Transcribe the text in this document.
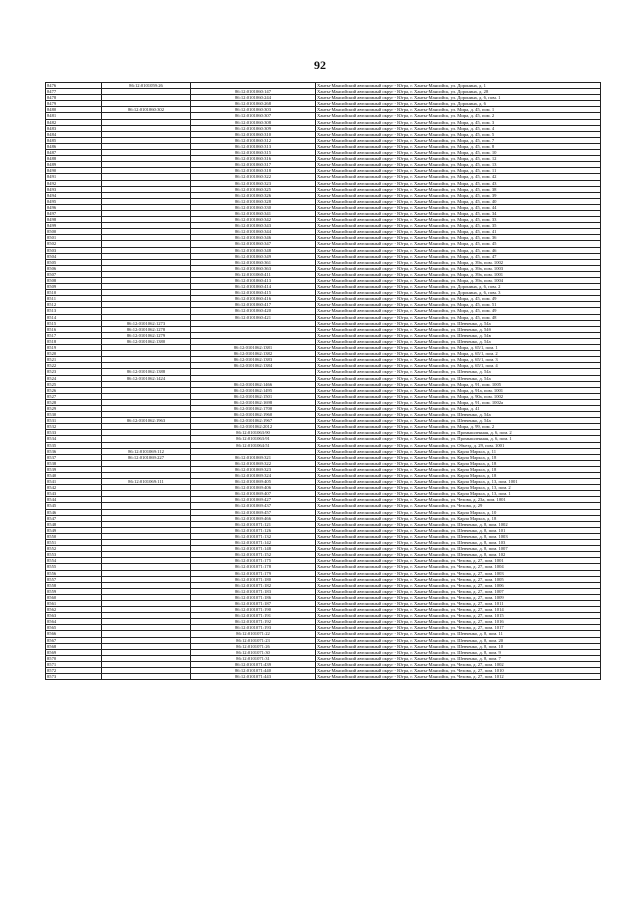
92
8476	86:12:0101059:26		Ханты-Мансийский автономный округ - Югра, г. Ханты-Мансийск, ул. Доронина, д. 1
8477		86:12:0101060:147	Ханты-Мансийский автономный округ - Югра, г. Ханты-Мансийск, ул. Доронина, д. 28
8478		86:12:0101060:244	Ханты-Мансийский автономный округ - Югра, г. Ханты-Мансийск, ул. Доронина, д. 6, пом. 1
8479		86:12:0101060:268	Ханты-Мансийский автономный округ - Югра, г. Ханты-Мансийск, ул. Доронина, д. 6
8480	86:12:0101060:302	86:12:0101060:303	Ханты-Мансийский автономный округ - Югра, г. Ханты-Мансийск, ул. Мира, д. 45, пом. 1
8481		86:12:0101060:307	Ханты-Мансийский автономный округ - Югра, г. Ханты-Мансийск, ул. Мира, д. 45, пом. 2
8482		86:12:0101060:308	Ханты-Мансийский автономный округ - Югра, г. Ханты-Мансийск, ул. Мира, д. 45, пом. 3
8483		86:12:0101060:309	Ханты-Мансийский автономный округ - Югра, г. Ханты-Мансийск, ул. Мира, д. 45, пом. 4
8484		86:12:0101060:310	Ханты-Мансийский автономный округ - Югра, г. Ханты-Мансийск, ул. Мира, д. 45, пом. 5
8485		86:12:0101060:312	Ханты-Мансийский автономный округ - Югра, г. Ханты-Мансийск, ул. Мира, д. 45, пом. 7
8486		86:12:0101060:313	Ханты-Мансийский автономный округ - Югра, г. Ханты-Мансийск, ул. Мира, д. 45, пом. 8
8487		86:12:0101060:315	Ханты-Мансийский автономный округ - Югра, г. Ханты-Мансийск, ул. Мира, д. 45, пом. 10
8488		86:12:0101060:316	Ханты-Мансийский автономный округ - Югра, г. Ханты-Мансийск, ул. Мира, д. 45, пом. 12
8489		86:12:0101060:317	Ханты-Мансийский автономный округ - Югра, г. Ханты-Мансийск, ул. Мира, д. 45, пом. 13
8490		86:12:0101060:318	Ханты-Мансийский автономный округ - Югра, г. Ханты-Мансийск, ул. Мира, д. 45, пом. 11
8491		86:12:0101060:322	Ханты-Мансийский автономный округ - Югра, г. Ханты-Мансийск, ул. Мира, д. 45, пом. 42
8492		86:12:0101060:323	Ханты-Мансийский автономный округ - Югра, г. Ханты-Мансийск, ул. Мира, д. 45, пом. 43
8493		86:12:0101060:325	Ханты-Мансийский автономный округ - Югра, г. Ханты-Мансийск, ул. Мира, д. 45, пом. 38
8494		86:12:0101060:326	Ханты-Мансийский автономный округ - Югра, г. Ханты-Мансийск, ул. Мира, д. 45, пом. 39
8495		86:12:0101060:328	Ханты-Мансийский автономный округ - Югра, г. Ханты-Мансийск, ул. Мира, д. 45, пом. 40
8496		86:12:0101060:330	Ханты-Мансийский автономный округ - Югра, г. Ханты-Мансийск, ул. Мира, д. 45, пом. 44
8497		86:12:0101060:341	Ханты-Мансийский автономный округ - Югра, г. Ханты-Мансийск, ул. Мира, д. 45, пом. 34
8498		86:12:0101060:342	Ханты-Мансийский автономный округ - Югра, г. Ханты-Мансийск, ул. Мира, д. 45, пом. 33
8499		86:12:0101060:343	Ханты-Мансийский автономный округ - Югра, г. Ханты-Мансийск, ул. Мира, д. 45, пом. 35
8500		86:12:0101060:344	Ханты-Мансийский автономный округ - Югра, г. Ханты-Мансийск, ул. Мира, д. 45, пом. 41
8501		86:12:0101060:346	Ханты-Мансийский автономный округ - Югра, г. Ханты-Мансийск, ул. Мира, д. 45, пом. 36
8502		86:12:0101060:347	Ханты-Мансийский автономный округ - Югра, г. Ханты-Мансийск, ул. Мира, д. 45, пом. 45
8503		86:12:0101060:348	Ханты-Мансийский автономный округ - Югра, г. Ханты-Мансийск, ул. Мира, д. 45, пом. 46
8504		86:12:0101060:349	Ханты-Мансийский автономный округ - Югра, г. Ханты-Мансийск, ул. Мира, д. 45, пом. 47
8505		86:12:0101060:361	Ханты-Мансийский автономный округ - Югра, г. Ханты-Мансийск, ул. Мира, д. 39а, пом. 1002
8506		86:12:0101060:363	Ханты-Мансийский автономный округ - Югра, г. Ханты-Мансийск, ул. Мира, д. 39а, пом. 1003
8507		86:12:0101060:411	Ханты-Мансийский автономный округ - Югра, г. Ханты-Мансийск, ул. Мира, д. 39а, пом. 1001
8508		86:12:0101060:413	Ханты-Мансийский автономный округ - Югра, г. Ханты-Мансийск, ул. Мира, д. 39а, пом. 1004
8509		86:12:0101060:414	Ханты-Мансийский автономный округ - Югра, г. Ханты-Мансийск, ул. Доронина, д. 6, пом. 2
8510		86:12:0101060:415	Ханты-Мансийский автономный округ - Югра, г. Ханты-Мансийск, ул. Доронина, д. 6, пом. 3
8511		86:12:0101060:416	Ханты-Мансийский автономный округ - Югра, г. Ханты-Мансийск, ул. Мира, д. 45, пом. 49
8512		86:12:0101060:417	Ханты-Мансийский автономный округ - Югра, г. Ханты-Мансийск, ул. Мира, д. 45, пом. 51
8513		86:12:0101060:420	Ханты-Мансийский автономный округ - Югра, г. Ханты-Мансийск, ул. Мира, д. 45, пом. 49
8514		86:12:0101060:421	Ханты-Мансийский автономный округ - Югра, г. Ханты-Мансийск, ул. Мира, д. 45, пом. 48
8515	86:12:0101062:1273		Ханты-Мансийский автономный округ - Югра, г. Ханты-Мансийск, ул. Шевченко, д. 54а
8516	86:12:0101062:1278		Ханты-Мансийский автономный округ - Югра, г. Ханты-Мансийск, ул. Шевченко, д. 54б
8517	86:12:0101062:1279		Ханты-Мансийский автономный округ - Югра, г. Ханты-Мансийск, ул. Шевченко, д. 54в
8518	86:12:0101062:1380		Ханты-Мансийский автономный округ - Югра, г. Ханты-Мансийск, ул. Шевченко, д. 54а
8519		86:12:0101062:1381	Ханты-Мансийский автономный округ - Югра, г. Ханты-Мансийск, ул. Мира, д. 65/1, пом. 1
8520		86:12:0101062:1382	Ханты-Мансийский автономный округ - Югра, г. Ханты-Мансийск, ул. Мира, д. 65/1, пом. 2
8521		86:12:0101062:1383	Ханты-Мансийский автономный округ - Югра, г. Ханты-Мансийск, ул. Мира, д. 65/1, пом. 3
8522		86:12:0101062:1384	Ханты-Мансийский автономный округ - Югра, г. Ханты-Мансийск, ул. Мира, д. 65/1, пом. 4
8523	86:12:0101062:1388		Ханты-Мансийский автономный округ - Югра, г. Ханты-Мансийск, ул. Шевченко, д. 54а
8524	86:12:0101062:1424		Ханты-Мансийский автономный округ - Югра, г. Ханты-Мансийск, ул. Шевченко, д. 54а
8525		86:12:0101062:1466	Ханты-Мансийский автономный округ - Югра, г. Ханты-Мансийск, ул. Мира, д. 91, пом. 1005
8526		86:12:0101062:1495	Ханты-Мансийский автономный округ - Югра, г. Ханты-Мансийск, ул. Мира, д. 91а, пом. 1001
8527		86:12:0101062:1501	Ханты-Мансийский автономный округ - Югра, г. Ханты-Мансийск, ул. Мира, д. 90а, пом. 1002
8528		86:12:0101062:1698	Ханты-Мансийский автономный округ - Югра, г. Ханты-Мансийск, ул. Мира, д. 91, пом. 1002а
8529		86:12:0101062:1700	Ханты-Мансийский автономный округ - Югра, г. Ханты-Мансийск, ул. Мира, д. 41
8530		86:12:0101062:1960	Ханты-Мансийский автономный округ - Югра, г. Ханты-Мансийск, ул. Шевченко, д. 54а
8531	86:12:0101062:1963	86:12:0101062:1967	Ханты-Мансийский автономный округ - Югра, г. Ханты-Мансийск, ул. Шевченко, д. 54а
8532		86:12:0101062:2012	Ханты-Мансийский автономный округ - Югра, г. Ханты-Мансийск, ул. Мира, д. 99, пом. 2
8533		86:12:0101063:90	Ханты-Мансийский автономный округ - Югра, г. Ханты-Мансийск, ул. Промышленная, д. 6, пом. 2
8534		86:12:0101063:91	Ханты-Мансийский автономный округ - Югра, г. Ханты-Мансийск, ул. Промышленная, д. 6, пом. 1
8535		86:12:0101064:51	Ханты-Мансийский автономный округ - Югра, г. Ханты-Мансийск, ул. Объезд, д. 29, пом. 1001
8536	86:12:0101069:112		Ханты-Мансийский автономный округ - Югра, г. Ханты-Мансийск, ул. Карла Маркса, д. 11
8537	86:12:0101069:227	86:12:0101069:321	Ханты-Мансийский автономный округ - Югра, г. Ханты-Мансийск, ул. Карла Маркса, д. 18
8538		86:12:0101069:322	Ханты-Мансийский автономный округ - Югра, г. Ханты-Мансийск, ул. Карла Маркса, д. 18
8539		86:12:0101069:323	Ханты-Мансийский автономный округ - Югра, г. Ханты-Мансийск, ул. Карла Маркса, д. 18
8540		86:12:0101069:324	Ханты-Мансийский автономный округ - Югра, г. Ханты-Мансийск, ул. Карла Маркса, д. 18
8541	86:12:0101069:111	86:12:0101069:405	Ханты-Мансийский автономный округ - Югра, г. Ханты-Мансийск, ул. Карла Маркса, д. 13, пом. 1001
8542		86:12:0101069:406	Ханты-Мансийский автономный округ - Югра, г. Ханты-Мансийск, ул. Карла Маркса, д. 13, пом. 2
8543		86:12:0101069:407	Ханты-Мансийский автономный округ - Югра, г. Ханты-Мансийск, ул. Карла Маркса, д. 13, пом. 1
8544		86:12:0101069:427	Ханты-Мансийский автономный округ - Югра, г. Ханты-Мансийск, ул. Чехова, д. 23а, пом. 1001
8545		86:12:0101069:437	Ханты-Мансийский автономный округ - Югра, г. Ханты-Мансийск, ул. Чехова, д. 29
8546		86:12:0101069:457	Ханты-Мансийский автономный округ - Югра, г. Ханты-Мансийск, ул. Карла Маркса, д. 10
8547		86:12:0101069:466	Ханты-Мансийский автономный округ - Югра, г. Ханты-Мансийск, ул. Карла Маркса, д. 18
8548		86:12:0101071:121	Ханты-Мансийский автономный округ - Югра, г. Ханты-Мансийск, ул. Шевченко, д. 8, пом. 1002
8549		86:12:0101071:126	Ханты-Мансийский автономный округ - Югра, г. Ханты-Мансийск, ул. Шевченко, д. 8, пом. 101
8550		86:12:0101071:132	Ханты-Мансийский автономный округ - Югра, г. Ханты-Мансийск, ул. Шевченко, д. 8, пом. 1003
8551		86:12:0101071:142	Ханты-Мансийский автономный округ - Югра, г. Ханты-Мансийск, ул. Шевченко, д. 8, пом. 103
8552		86:12:0101071:148	Ханты-Мансийский автономный округ - Югра, г. Ханты-Мансийск, ул. Шевченко, д. 8, пом. 1007
8553		86:12:0101071:152	Ханты-Мансийский автономный округ - Югра, г. Ханты-Мансийск, ул. Шевченко, д. 8, пом. 102
8554		86:12:0101071:175	Ханты-Мансийский автономный округ - Югра, г. Ханты-Мансийск, ул. Чехова, д. 27, пом. 1001
8555		86:12:0101071:178	Ханты-Мансийский автономный округ - Югра, г. Ханты-Мансийск, ул. Чехова, д. 27, пом. 1004
8556		86:12:0101071:179	Ханты-Мансийский автономный округ - Югра, г. Ханты-Мансийск, ул. Чехова, д. 27, пом. 1003
8557		86:12:0101071:180	Ханты-Мансийский автономный округ - Югра, г. Ханты-Мансийск, ул. Чехова, д. 27, пом. 1005
8558		86:12:0101071:182	Ханты-Мансийский автономный округ - Югра, г. Ханты-Мансийск, ул. Чехова, д. 27, пом. 1006
8559		86:12:0101071:183	Ханты-Мансийский автономный округ - Югра, г. Ханты-Мансийск, ул. Чехова, д. 27, пом. 1007
8560		86:12:0101071:186	Ханты-Мансийский автономный округ - Югра, г. Ханты-Мансийск, ул. Чехова, д. 27, пом. 1009
8561		86:12:0101071:187	Ханты-Мансийский автономный округ - Югра, г. Ханты-Мансийск, ул. Чехова, д. 27, пом. 1011
8562		86:12:0101071:190	Ханты-Мансийский автономный округ - Югра, г. Ханты-Мансийск, ул. Чехова, д. 27, пом. 1014
8563		86:12:0101071:191	Ханты-Мансийский автономный округ - Югра, г. Ханты-Мансийск, ул. Чехова, д. 27, пом. 1015
8564		86:12:0101071:192	Ханты-Мансийский автономный округ - Югра, г. Ханты-Мансийск, ул. Чехова, д. 27, пом. 1016
8565		86:12:0101071:193	Ханты-Мансийский автономный округ - Югра, г. Ханты-Мансийск, ул. Чехова, д. 27, пом. 1017
8566		86:12:0101071:22	Ханты-Мансийский автономный округ - Югра, г. Ханты-Мансийск, ул. Шевченко, д. 8, пом. 11
8567		86:12:0101071:23	Ханты-Мансийский автономный округ - Югра, г. Ханты-Мансийск, ул. Шевченко, д. 8, пом. 20
8568		86:12:0101071:26	Ханты-Мансийский автономный округ - Югра, г. Ханты-Мансийск, ул. Шевченко, д. 8, пом. 10
8569		86:12:0101071:30	Ханты-Мансийский автономный округ - Югра, г. Ханты-Мансийск, ул. Шевченко, д. 8, пом. 9
8570		86:12:0101071:31	Ханты-Мансийский автономный округ - Югра, г. Ханты-Мансийск, ул. Шевченко, д. 8, пом. 7
8571		86:12:0101071:439	Ханты-Мансийский автономный округ - Югра, г. Ханты-Мансийск, ул. Чехова, д. 27, пом. 1002
8572		86:12:0101071:440	Ханты-Мансийский автономный округ - Югра, г. Ханты-Мансийск, ул. Чехова, д. 27, пом. 1010
8573		86:12:0101071:443	Ханты-Мансийский автономный округ - Югра, г. Ханты-Мансийск, ул. Чехова, д. 27, пом. 1012
